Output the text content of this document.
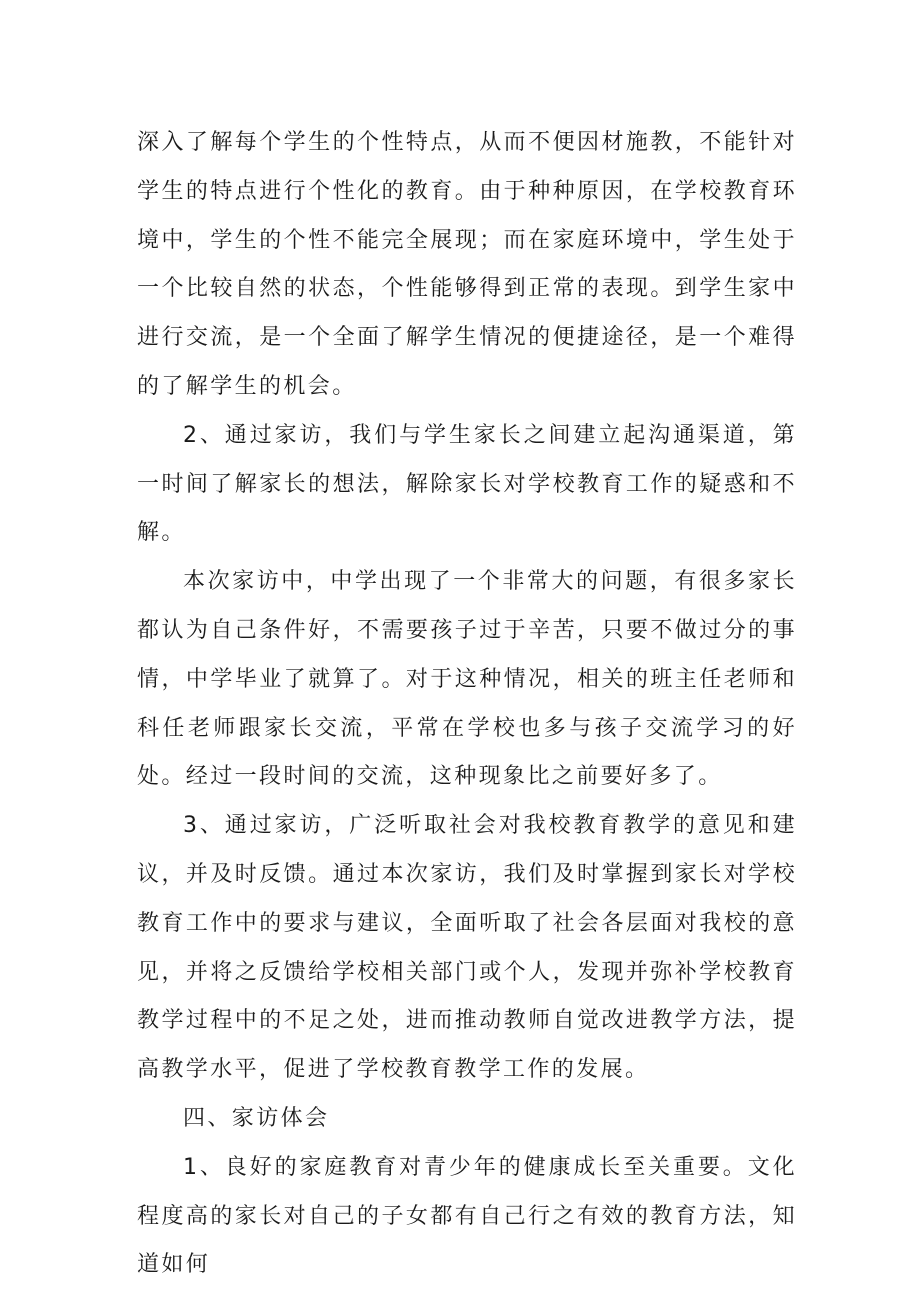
深入了解每个学生的个性特点，从而不便因材施教，不能针对学生的特点进行个性化的教育。由于种种原因，在学校教育环境中，学生的个性不能完全展现；而在家庭环境中，学生处于一个比较自然的状态，个性能够得到正常的表现。到学生家中进行交流，是一个全面了解学生情况的便捷途径，是一个难得的了解学生的机会。

2、通过家访，我们与学生家长之间建立起沟通渠道，第一时间了解家长的想法，解除家长对学校教育工作的疑惑和不解。

本次家访中，中学出现了一个非常大的问题，有很多家长都认为自己条件好，不需要孩子过于辛苦，只要不做过分的事情，中学毕业了就算了。对于这种情况，相关的班主任老师和科任老师跟家长交流，平常在学校也多与孩子交流学习的好处。经过一段时间的交流，这种现象比之前要好多了。

3、通过家访，广泛听取社会对我校教育教学的意见和建议，并及时反馈。通过本次家访，我们及时掌握到家长对学校教育工作中的要求与建议，全面听取了社会各层面对我校的意见，并将之反馈给学校相关部门或个人，发现并弥补学校教育教学过程中的不足之处，进而推动教师自觉改进教学方法，提高教学水平，促进了学校教育教学工作的发展。

四、家访体会

1、良好的家庭教育对青少年的健康成长至关重要。文化程度高的家长对自己的子女都有自己行之有效的教育方法，知道如何
